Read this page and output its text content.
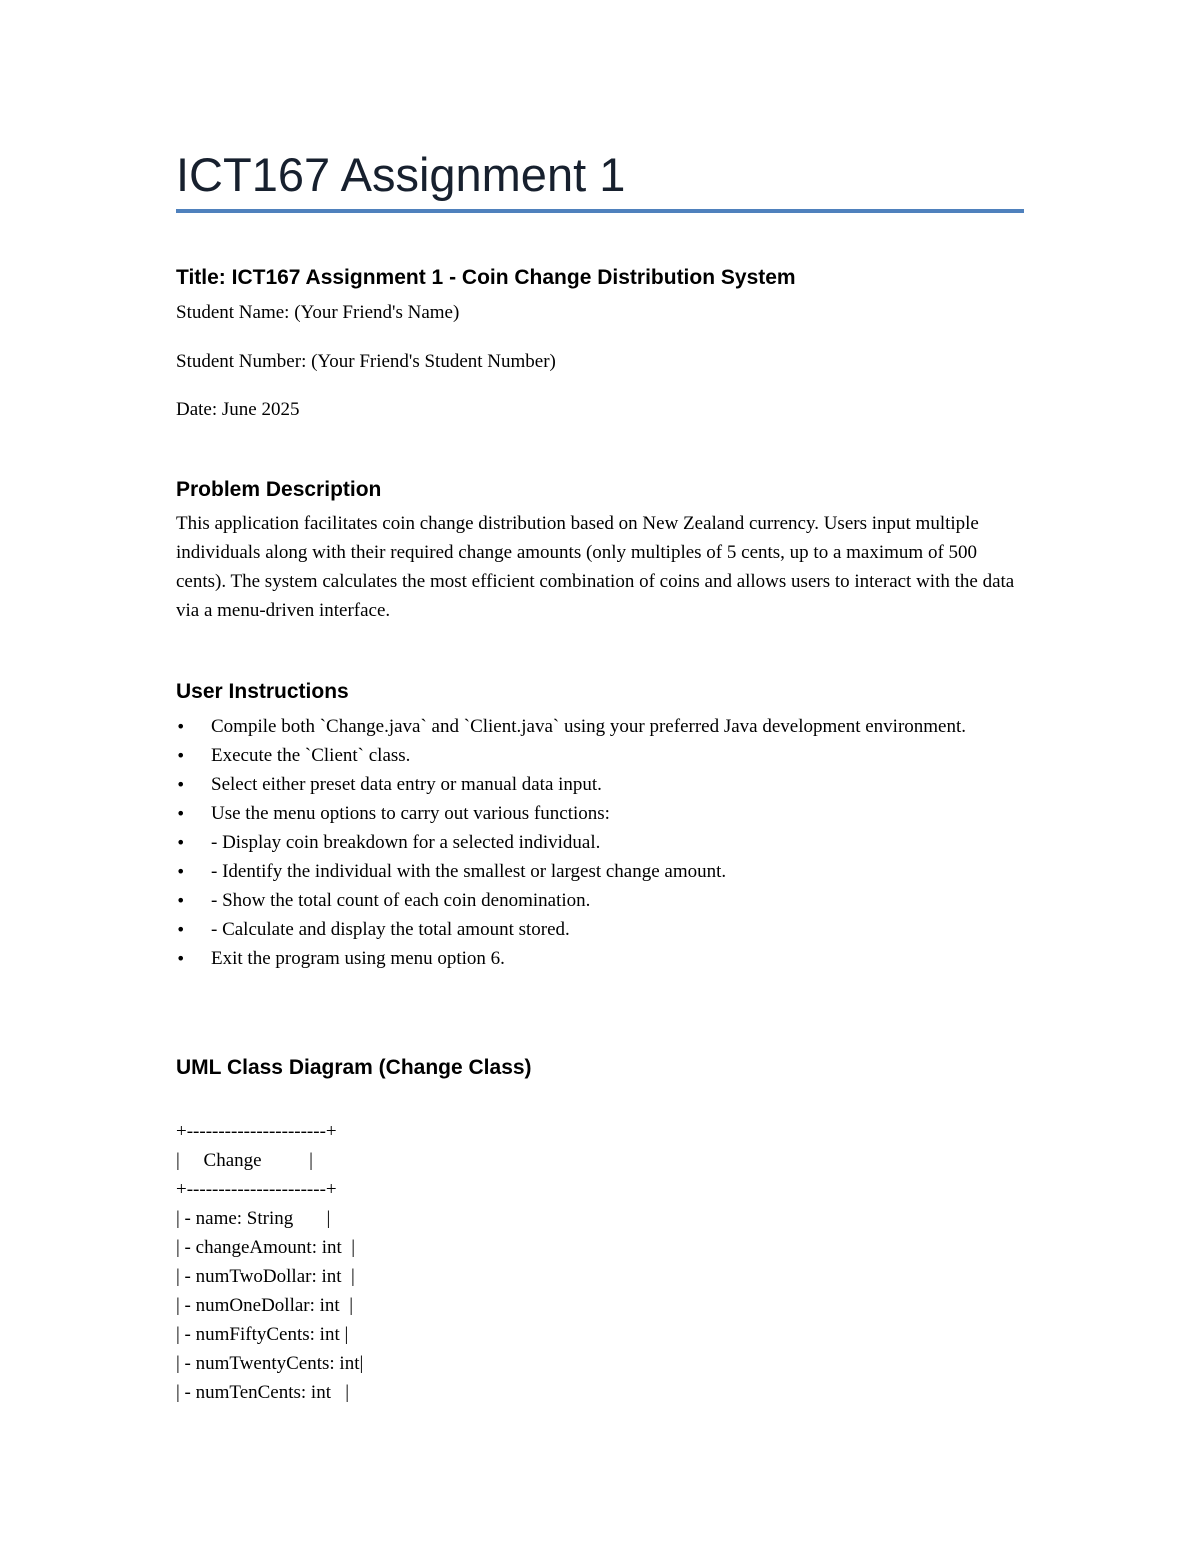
ICT167 Assignment 1
Title: ICT167 Assignment 1 - Coin Change Distribution System

Student Name: (Your Friend's Name)

Student Number: (Your Friend's Student Number)

Date: June 2025

Problem Description

This application facilitates coin change distribution based on New Zealand currency. Users input multiple individuals along with their required change amounts (only multiples of 5 cents, up to a maximum of 500 cents). The system calculates the most efficient combination of coins and allows users to interact with the data via a menu-driven interface.

User Instructions
• Compile both `Change.java` and `Client.java` using your preferred Java development environment.
• Execute the `Client` class.
• Select either preset data entry or manual data input.
• Use the menu options to carry out various functions:
• - Display coin breakdown for a selected individual.
• - Identify the individual with the smallest or largest change amount.
• - Show the total count of each coin denomination.
• - Calculate and display the total amount stored.
• Exit the program using menu option 6.
UML Class Diagram (Change Class)
+----------------------+
|     Change          |
+----------------------+
| - name: String       |
| - changeAmount: int  |
| - numTwoDollar: int  |
| - numOneDollar: int  |
| - numFiftyCents: int |
| - numTwentyCents: int|
| - numTenCents: int   |
